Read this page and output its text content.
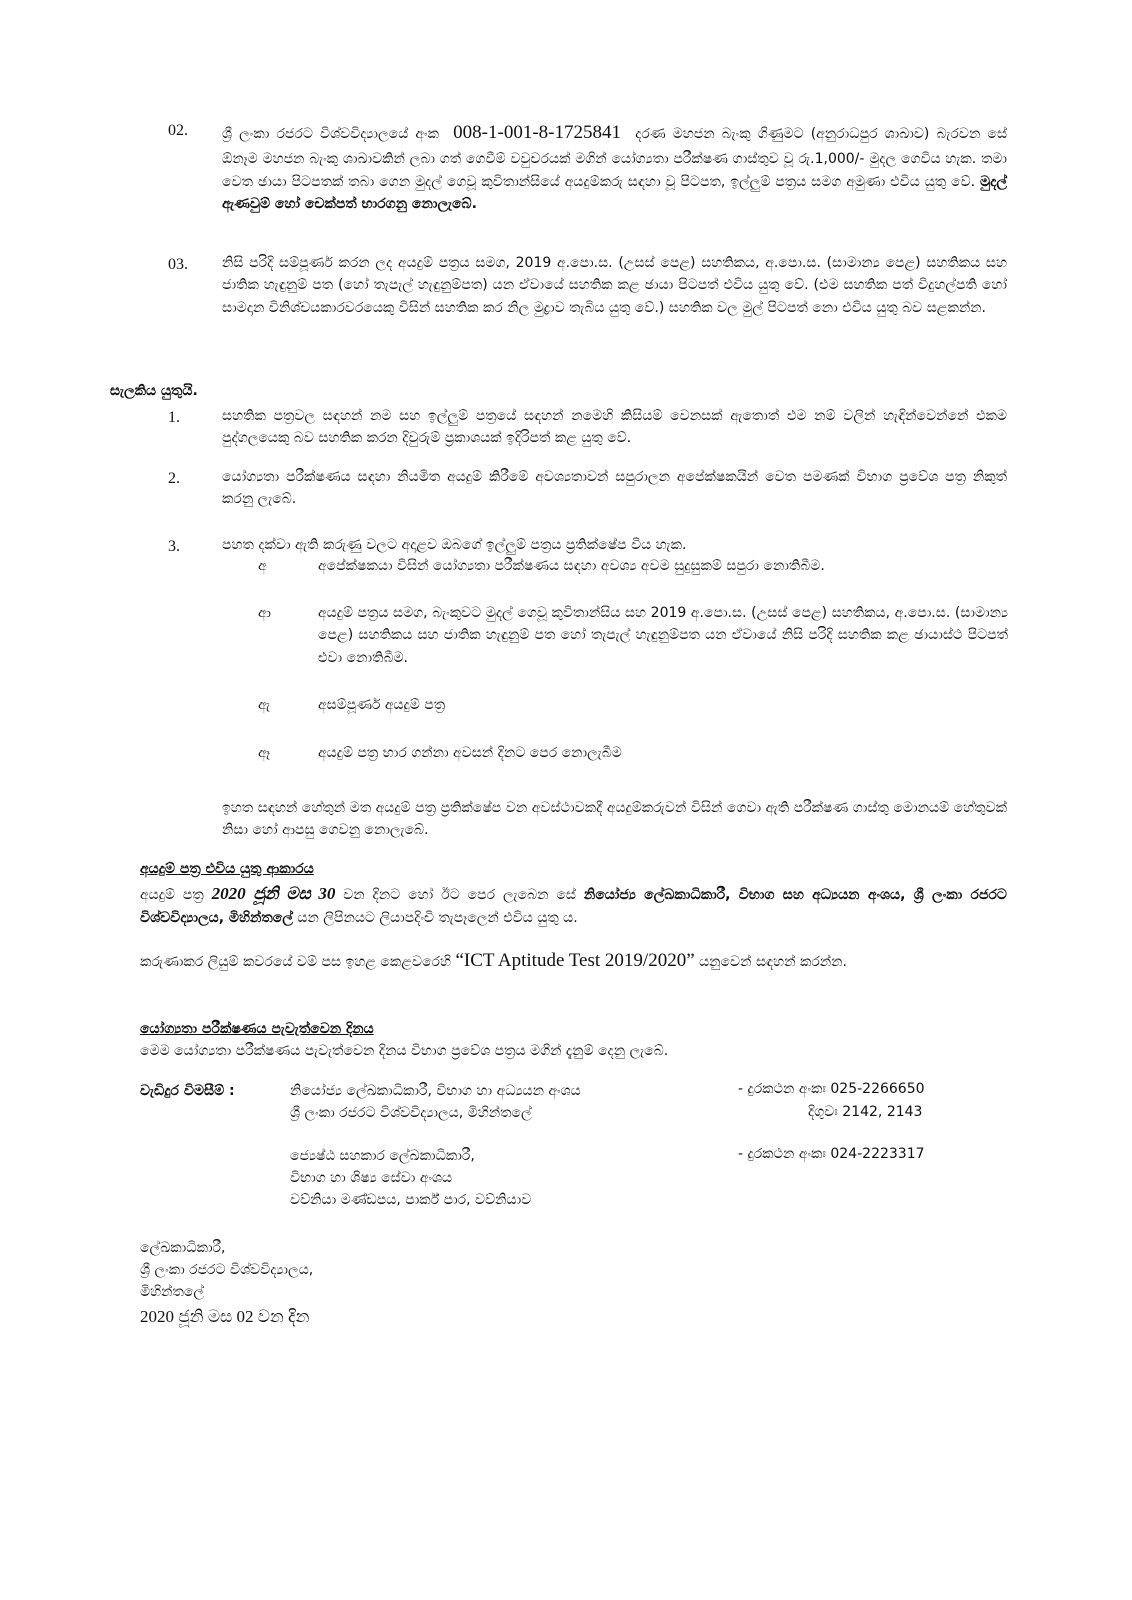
02. ශ්‍රී ලංකා රජරට විශ්වවිද්‍යාලයේ අංක 008-1-001-8-1725841 දරණ මහජන බැංකු ගිණුමට (අනුරාධපුර ශාඛාව) බැරවන සේ ඕනෑම මහජන බැංකු ශාඛාවකින් ලබා ගත් ගෙවීම් වවුචරයක් මගින් යෝග්‍යතා පරීක්ෂණ ගාස්තුව වූ රු.1,000/- මුදල ගෙවිය හැක. තමා වෙත ඡායා පිටපතක් තබා ගෙන මුදල් ගෙවූ කුවිතාන්සියේ අයදුම්කරු සඳහා වූ පිටපත, ඉල්ලුම් පත්‍රය සමග අමුණා එවිය යුතු වේ. මුදල් ඇණවුම් හෝ චෙක්පත් භාරගනු නොලැබේ.
03. නිසි පරිදි සම්පූර්ණ කරන ලද අයදුම් පත්‍රය සමග, 2019 අ.පො.ස. (උසස් පෙළ) සහතිකය, අ.පො.ස. (සාමාන්‍ය පෙළ) සහතිකය සහ ජාතික හැඳුනුම් පත (හෝ තැපැල් හැඳුනුම්පත) යන ඒවායේ සහතික කළ ඡායා පිටපත් එවිය යුතු වේ. (එම සහතික පත් විදුහල්පති හෝ සාමදාන විනිශ්චයකාරවරයෙකු විසින් සහතික කර නිල මුද්‍රාව තැබිය යුතු වේ.) සහතික වල මුල් පිටපත් නො එවිය යුතු බව සළකන්න.
සැලකිය යුතුයි.
1.	සහතික පත්‍රවල සඳහන් නම සහ ඉල්ලුම් පත්‍රයේ සඳහන් නමෙහි කිසියම් වෙනසක් ඇතොත් එම නම් වලින් හැඳින්වෙන්නේ එකම පුද්ගලයෙකු බව සහතික කරන දිවුරුම් ප්‍රකාශයක් ඉදිරිපත් කළ යුතු වේ.
2.	යෝග්‍යතා පරීක්ෂණය සඳහා නියමිත අයදුම් කිරීමේ අවශ්‍යතාවන් සපුරාලන අපේක්ෂකයින් වෙත පමණක් විභාග ප්‍රවේශ පත්‍ර නිකුත් කරනු ලැබේ.
3.	පහත දක්වා ඇති කරුණු වලට අදාළව ඔබගේ ඉල්ලුම් පත්‍රය ප්‍රතික්ෂේප විය හැක.
අ	අපේක්ෂකයා විසින් යෝග්‍යතා පරීක්ෂණය සඳහා අවශ්‍ය අවම සුදුසුකම් සපුරා නොතිබීම.
ආ	අයදුම් පත්‍රය සමග, බැංකුවට මුදල් ගෙවූ කුවිතාන්සිය සහ 2019 අ.පො.ස. (උසස් පෙළ) සහතිකය, අ.පො.ස. (සාමාන්‍ය පෙළ) සහතිකය සහ ජාතික හැඳුනුම් පත හෝ තැපැල් හැඳුනුම්පත යන ඒවායේ නිසි පරිදි සහතික කළ ඡායාස්ථ පිටපත් එවා නොතිබීම.
ඇ	අසම්පූර්ණ අයදුම් පත්‍ර
ඈ	අයදුම් පත්‍ර භාර ගන්නා අවසන් දිනට පෙර නොලැබීම
ඉහත සඳහන් හේතුන් මත අයදුම් පත්‍ර ප්‍රතික්ෂේප වන අවස්ථාවකදී අයදුම්කරුවන් විසින් ගෙවා ඇති පරීක්ෂණ ගාස්තු මොනයම් හේතුවක් නිසා හෝ ආපසු ගෙවනු නොලැබේ.
අයදුම් පත්‍ර එවිය යුතු ආකාරය
අයදුම් පත්‍ර 2020 ජූනි මස 30 වන දිනට හෝ ඊට පෙර ලැබෙන සේ නියෝජ්‍ය ලේඛකාධිකාරී, විභාග සහ අධ්‍යයන අංශය, ශ්‍රී ලංකා රජරට විශ්වවිද්‍යාලය, මිහින්තලේ යන ලිපිනයට ලියාපදිංචි තැපෑලෙන් එවිය යුතු ය.
කරුණාකර ලියුම් කවරයේ වම් පස ඉහළ කෙළවරෙහි “ICT Aptitude Test 2019/2020” යනුවෙන් සඳහන් කරන්න.
යෝග්‍යතා පරීක්ෂණය පැවැත්වෙන දිනය
මෙම යෝග්‍යතා පරීක්ෂණය පැවැත්වෙන දිනය විභාග ප්‍රවේශ පත්‍රය මගින් දැනුම් දෙනු ලැබේ.
වැඩිදුර විමසීම් :	නියෝජ්‍ය ලේඛකාධිකාරී, විභාග හා අධ්‍යයන අංශය	- දුරකථන අංකඃ 025-2266650
ශ්‍රී ලංකා රජරට විශ්වවිද්‍යාලය, මිහින්තලේ	දිගුවඃ 2142, 2143
ජ්‍යෙෂ්ඨ සහකාර ලේඛකාධිකාරී,	- දුරකථන අංකඃ 024-2223317
විභාග හා ශිෂ්‍ය සේවා අංශය
වව්නියා මණ්ඩපය, පාර්ක් පාර, වව්නියාව
ලේඛකාධිකාරී,
ශ්‍රී ලංකා රජරට විශ්වවිද්‍යාලය,
මිහින්තලේ
2020 ජූනි මස 02 වන දින
